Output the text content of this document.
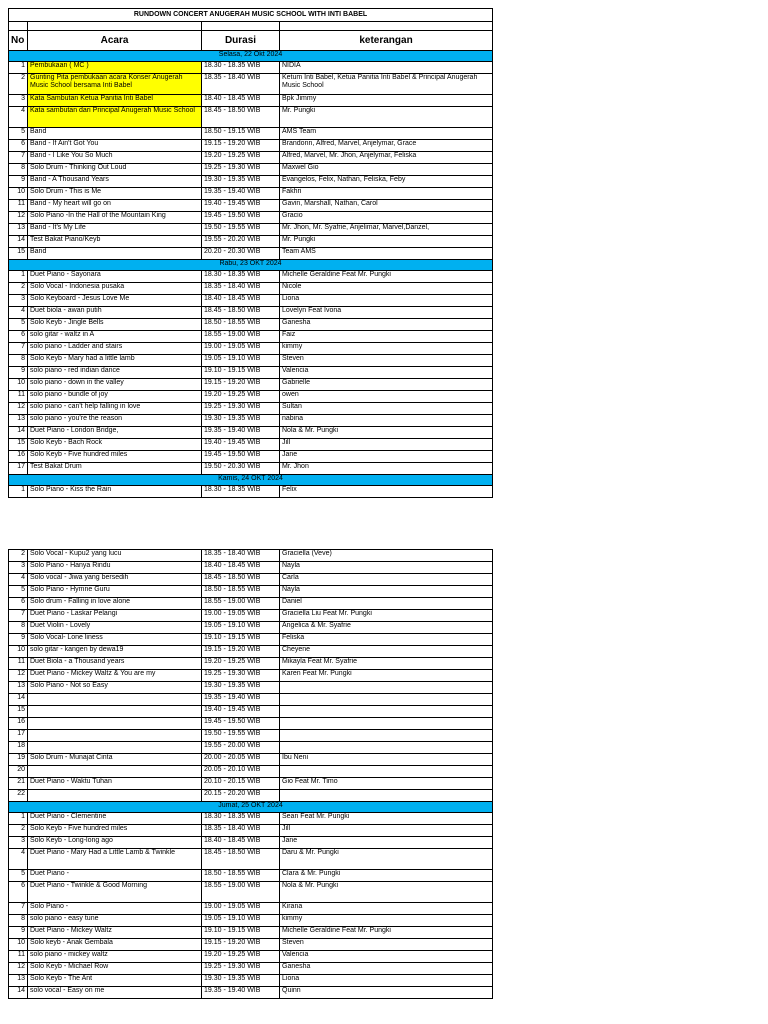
RUNDOWN CONCERT ANUGERAH MUSIC SCHOOL WITH INTI BABEL			

No	Acara	Durasi	keterangan
Selasa, 22 Okt 2024			
1	Pembukaan ( MC )	18.30 - 18.35 WIB	NIDIA
2	Gunting Pita pembukaan acara Konser Anugerah Music School bersama Inti Babel	18.35 - 18.40 WIB	Ketum Inti Babel, Ketua Panitia Inti Babel & Principal Anugerah Music School
3	Kata Sambutan Ketua Panitia Inti Babel	18.40 - 18.45 WIB	Bpk Jimmy
4	Kata sambutan dari Principal Anugerah Music School	18.45 - 18.50 WIB	Mr. Pungki
5	Band	18.50 - 19.15 WIB	AMS Team
6	Band - If Ain't Got You	19.15 - 19.20 WIB	Brandonn, Alfred, Marvel, Anjelymar, Grace
7	Band - I Like You So Much	19.20 - 19.25 WIB	Alfred, Marvel, Mr. Jhon, Anjelymar, Feliska
8	Solo Drum - Thinking Out Loud	19.25 - 19.30 WIB	Maxwel Gio
9	Band - A Thousand Years	19.30 - 19.35 WIB	Evangelos, Felix, Nathan, Feliska, Feby
10	Solo Drum - This is Me	19.35 - 19.40 WIB	Fakhri
11	Band - My heart will go on	19.40 - 19.45 WIB	Gavin, Marshall, Nathan, Carol
12	Solo Piano -In the Hall of the Mountain King	19.45 - 19.50 WIB	Gracio
13	Band - It's My Life	19.50 - 19.55 WIB	Mr. Jhon, Mr. Syafrie, Anjelimar, Marvel,Danzel,
14	Test Bakat Piano/Keyb	19.55 - 20.20 WIB	Mr. Pungki
15	Band	20.20 - 20.30 WIB	Team AMS
Rabu, 23 OKT 2024			
1	Duet Piano - Sayonara	18.30 - 18.35 WIB	Michelle Geraldine Feat Mr. Pungki
2	Solo Vocal - Indonesia pusaka	18.35 - 18.40 WIB	Nicole
3	Solo Keyboard - Jesus Love Me	18.40 - 18.45 WIB	Liona
4	Duet biola - awan putih	18.45 - 18.50 WIB	Lovelyn Feat Ivona
5	Solo Keyb - Jingle Bells	18.50 - 18.55 WIB	Ganesha
6	solo gitar - waltz in A	18.55 - 19.00 WIB	Faiz
7	solo piano - Ladder and stairs	19.00 - 19.05 WIB	kimmy
8	Solo Keyb - Mary had a little lamb	19.05 - 19.10 WIB	Steven
9	solo piano - red indian dance	19.10 - 19.15 WIB	Valencia
10	solo piano - down in the valley	19.15 - 19.20 WIB	Gabrielle
11	solo piano - bundle of joy	19.20 - 19.25 WIB	owen
12	solo piano - can't help falling in love	19.25 - 19.30 WIB	Sultan
13	solo piano - you're the reason	19.30 - 19.35 WIB	nabina
14	Duet Piano - London Bridge,	19.35 - 19.40 WIB	Nola & Mr. Pungki
15	Solo Keyb - Bach Rock	19.40 - 19.45 WIB	Jill
16	Solo Keyb - Five hundred miles	19.45 - 19.50 WIB	Jane
17	Test Bakat Drum	19.50 - 20.30 WIB	Mr. Jhon
Kamis, 24 OKT 2024			
1	Solo Piano - Kiss the Rain	18.30 - 18.35 WIB	Felix
2	Solo Vocal - Kupu2 yang lucu	18.35 - 18.40 WIB	Graciella (Veve)
3	Solo Piano - Hanya Rindu	18.40 - 18.45 WIB	Nayla
4	Solo vocal - Jiwa yang bersedih	18.45 - 18.50 WIB	Carla
5	Solo Piano - Hymne Guru	18.50 - 18.55 WIB	Nayla
6	Solo drum - Falling in love alone	18.55 - 19.00 WIB	Daniel
7	Duet Piano - Laskar Pelangi	19.00 - 19.05 WIB	Graciella Liu Feat Mr. Pungki
8	Duet Violin - Lovely	19.05 - 19.10 WIB	Angelica & Mr. Syafrie
9	Solo Vocal- Lone liness	19.10 - 19.15 WIB	Feliska
10	solo gitar - kangen by dewa19	19.15 - 19.20 WIB	Cheyene
11	Duet Biola - a Thousand years	19.20 - 19.25 WIB	Mikayla Feat Mr. Syafrie
12	Duet Piano - Mickey Waltz & You are my	19.25 - 19.30 WIB	Karen Feat Mr. Pungki
13	Solo Piano - Not so Easy	19.30 - 19.35 WIB	
14		19.35 - 19.40 WIB	
15		19.40 - 19.45 WIB	
16		19.45 - 19.50 WIB	
17		19.50 - 19.55 WIB	
18		19.55 - 20.00 WIB	
19	Solo Drum - Munajat Cinta	20.00 - 20.05 WIB	Ibu Neni
20		20.05 - 20.10 WIB	
21	Duet Piano - Waktu Tuhan	20.10 - 20.15 WIB	Gio Feat Mr. Timo
22		20.15 - 20.20 WIB	
Jumat, 25 OKT 2024			
1	Duet Piano - Clementine	18.30 - 18.35 WIB	Sean Feat Mr. Pungki
2	Solo Keyb - Five hundred miles	18.35 - 18.40 WIB	Jill
3	Solo Keyb - Long-long ago	18.40 - 18.45 WIB	Jane
4	Duet Piano - Mary Had a Little Lamb & Twinkle	18.45 - 18.50 WIB	Daru & Mr. Pungki
5	Duet Piano -	18.50 - 18.55 WIB	Clara & Mr. Pungki
6	Duet Piano - Twinkle & Good Morning	18.55 - 19.00 WIB	Nola & Mr. Pungki
7	Solo Piano -	19.00 - 19.05 WIB	Kirana
8	solo piano - easy tune	19.05 - 19.10 WIB	kimmy
9	Duet Piano - Mickey Waltz	19.10 - 19.15 WIB	Michelle Geraldine Feat Mr. Pungki
10	Solo keyb - Anak Gembala	19.15 - 19.20 WIB	Steven
11	solo piano - mickey waltz	19.20 - 19.25 WIB	Valencia
12	Solo Keyb - Michael Row	19.25 - 19.30 WIB	Ganesha
13	Solo Keyb - The Ant	19.30 - 19.35 WIB	Liona
14	solo vocal - Easy on me	19.35 - 19.40 WIB	Quinn
